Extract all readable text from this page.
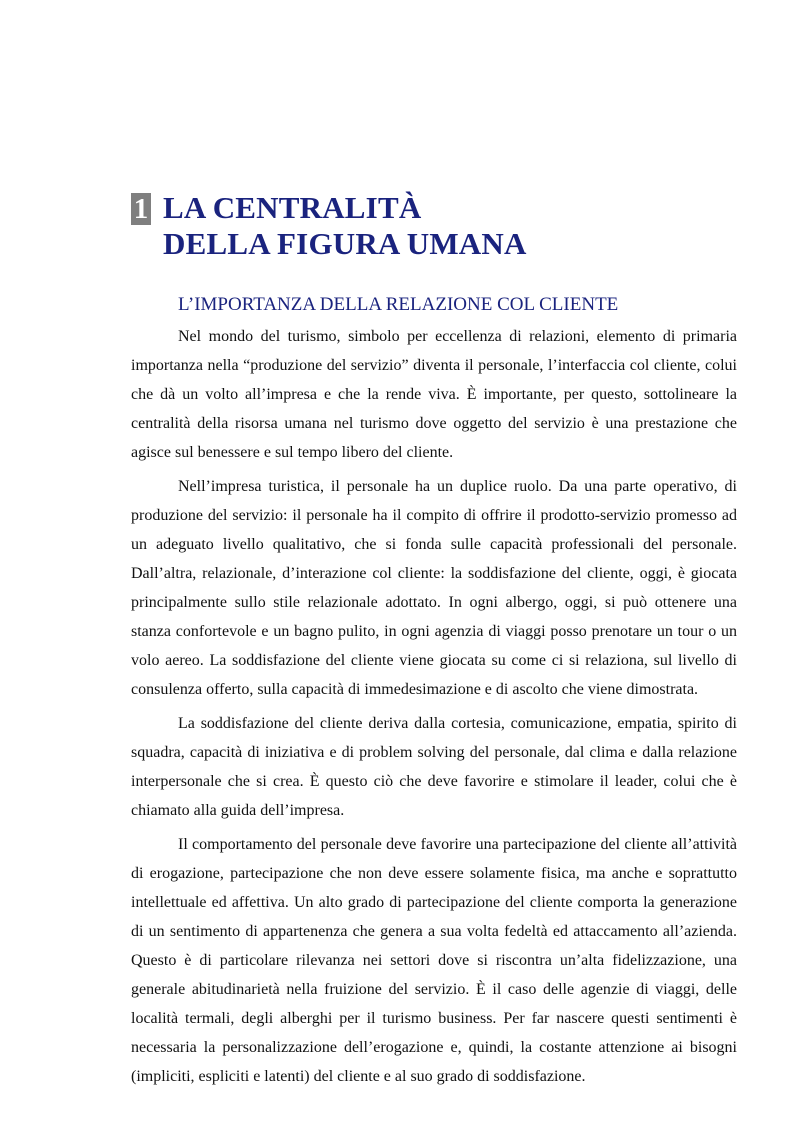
1 LA CENTRALITÀ
DELLA FIGURA UMANA
L’IMPORTANZA DELLA RELAZIONE COL CLIENTE

Nel mondo del turismo, simbolo per eccellenza di relazioni, elemento di primaria importanza nella “produzione del servizio” diventa il personale, l’interfaccia col cliente, colui che dà un volto all’impresa e che la rende viva. È importante, per questo, sottolineare la centralità della risorsa umana nel turismo dove oggetto del servizio è una prestazione che agisce sul benessere e sul tempo libero del cliente.

Nell’impresa turistica, il personale ha un duplice ruolo. Da una parte operativo, di produzione del servizio: il personale ha il compito di offrire il prodotto-servizio promesso ad un adeguato livello qualitativo, che si fonda sulle capacità professionali del personale. Dall’altra, relazionale, d’interazione col cliente: la soddisfazione del cliente, oggi, è giocata principalmente sullo stile relazionale adottato. In ogni albergo, oggi, si può ottenere una stanza confortevole e un bagno pulito, in ogni agenzia di viaggi posso prenotare un tour o un volo aereo. La soddisfazione del cliente viene giocata su come ci si relaziona, sul livello di consulenza offerto, sulla capacità di immedesimazione e di ascolto che viene dimostrata.

La soddisfazione del cliente deriva dalla cortesia, comunicazione, empatia, spirito di squadra, capacità di iniziativa e di problem solving del personale, dal clima e dalla relazione interpersonale che si crea. È questo ciò che deve favorire e stimolare il leader, colui che è chiamato alla guida dell’impresa.

Il comportamento del personale deve favorire una partecipazione del cliente all’attività di erogazione, partecipazione che non deve essere solamente fisica, ma anche e soprattutto intellettuale ed affettiva. Un alto grado di partecipazione del cliente comporta la generazione di un sentimento di appartenenza che genera a sua volta fedeltà ed attaccamento all’azienda. Questo è di particolare rilevanza nei settori dove si riscontra un’alta fidelizzazione, una generale abitudinarietà nella fruizione del servizio. È il caso delle agenzie di viaggi, delle località termali, degli alberghi per il turismo business. Per far nascere questi sentimenti è necessaria la personalizzazione dell’erogazione e, quindi, la costante attenzione ai bisogni (impliciti, espliciti e latenti) del cliente e al suo grado di soddisfazione.
